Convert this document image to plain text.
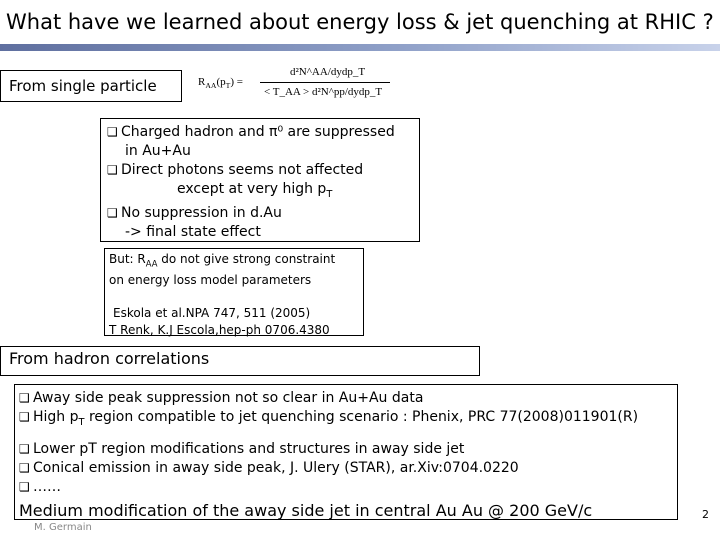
What have we learned about energy loss & jet quenching at RHIC ?
From single particle	$R_{AA}(p_T)$ =
d²N^AA/dydp_T
< T_AA > d²N^pp/dydp_T
❑ Charged hadron and π⁰ are suppressed
in Au+Au
❑ Direct photons seems not affected
except at very high $p_T$
❑ No suppression in d.Au
-> final state effect
But: $R_{AA}$ do not give strong constraint
on energy loss model parameters
Eskola et al.NPA 747, 511 (2005)
T Renk, K.J Escola,hep-ph 0706.4380
From hadron correlations
❑ Away side peak suppression not so clear in Au+Au data
❑ High $p_T$ region compatible to jet quenching scenario : Phenix, PRC 77(2008)011901(R)
❑ Lower pT region modifications and structures in away side jet
❑ Conical emission in away side peak, J. Ulery (STAR), ar.Xiv:0704.0220
❑ ……
Medium modification of the away side jet in central Au Au @ 200 GeV/c
M. Germain
2
